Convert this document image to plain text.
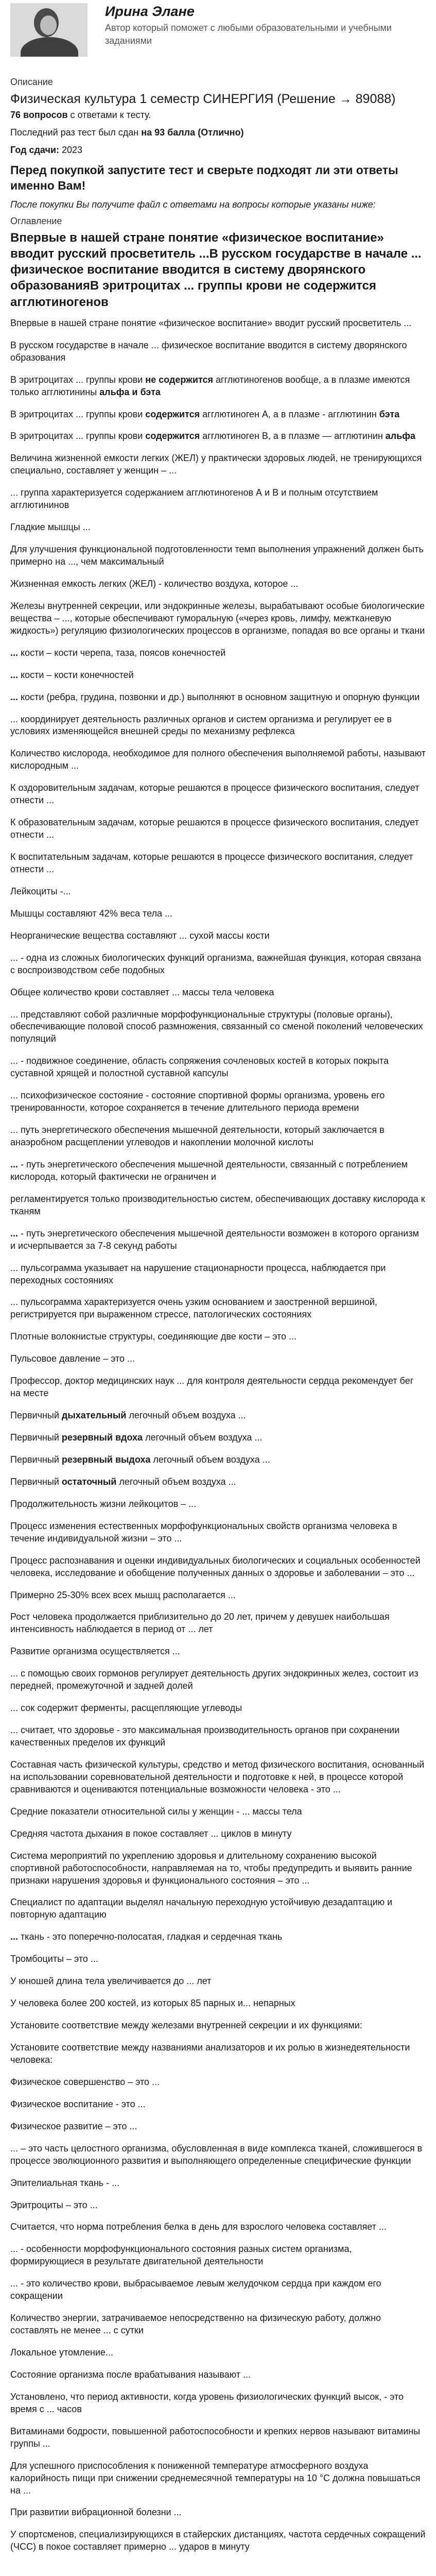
Ирина Элане
Автор который поможет с любыми образовательными и учебными заданиями
Описание
Физическая культура 1 семестр СИНЕРГИЯ (Решение → 89088)
76 вопросов с ответами к тесту.
Последний раз тест был сдан на 93 балла (Отлично)
Год сдачи: 2023
Перед покупкой запустите тест и сверьте подходят ли эти ответы именно Вам!
После покупки Вы получите файл с ответами на вопросы которые указаны ниже:
Оглавление
Впервые в нашей стране понятие «физическое воспитание» вводит русский просветитель ...В русском государстве в начале ... физическое воспитание вводится в систему дворянского образованияВ эритроцитах ... группы крови не содержится агглютиногенов
Впервые в нашей стране понятие «физическое воспитание» вводит русский просветитель ...
В русском государстве в начале ... физическое воспитание вводится в систему дворянского образования
В эритроцитах ... группы крови не содержится агглютиногенов вообще, а в плазме имеются только агглютинины альфа и бэта
В эритроцитах ... группы крови содержится агглютиноген А, а в плазме - агглютинин бэта
В эритроцитах ... группы крови содержится агглютиноген В, а в плазме — агглютинин альфа
Величина жизненной емкости легких (ЖЕЛ) у практически здоровых людей, не тренирующихся специально, составляет у женщин – ...
... группа характеризуется содержанием агглютиногенов А и В и полным отсутствием агглютининов
Гладкие мышцы ...
Для улучшения функциональной подготовленности темп выполнения упражнений должен быть примерно на ..., чем максимальный
Жизненная емкость легких (ЖЕЛ) - количество воздуха, которое ...
Железы внутренней секреции, или эндокринные железы, вырабатывают особые биологические вещества – ..., которые обеспечивают гуморальную («через кровь, лимфу, межтканевую жидкость») регуляцию физиологических процессов в организме, попадая во все органы и ткани
... кости – кости черепа, таза, поясов конечностей
... кости – кости конечностей
... кости (ребра, грудина, позвонки и др.) выполняют в основном защитную и опорную функции
... координирует деятельность различных органов и систем организма и регулирует ее в условиях изменяющейся внешней среды по механизму рефлекса
Количество кислорода, необходимое для полного обеспечения выполняемой работы, называют кислородным ...
К оздоровительным задачам, которые решаются в процессе физического воспитания, следует отнести ...
К образовательным задачам, которые решаются в процессе физического воспитания, следует отнести ...
К воспитательным задачам, которые решаются в процессе физического воспитания, следует отнести ...
Лейкоциты -...
Мышцы составляют 42% веса тела ...
Неорганические вещества составляют ... сухой массы кости
... - одна из сложных биологических функций организма, важнейшая функция, которая связана с воспроизводством себе подобных
Общее количество крови составляет ... массы тела человека
... представляют собой различные морфофункциональные структуры (половые органы), обеспечивающие половой способ размножения, связанный со сменой поколений человеческих популяций
... - подвижное соединение, область сопряжения сочленовых костей в которых покрыта суставной хрящей и полостной суставной капсулы
... психофизическое состояние - состояние спортивной формы организма, уровень его тренированности, которое сохраняется в течение длительного периода времени
... путь энергетического обеспечения мышечной деятельности, который заключается в анаэробном расщеплении углеводов и накоплении молочной кислоты
... - путь энергетического обеспечения мышечной деятельности, связанный с потреблением кислорода, который фактически не ограничен и
регламентируется только производительностью систем, обеспечивающих доставку кислорода к тканям
... - путь энергетического обеспечения мышечной деятельности возможен в которого организм и исчерпывается за 7-8 секунд работы
... пульсограмма указывает на нарушение стационарности процесса, наблюдается при переходных состояниях
... пульсограмма характеризуется очень узким основанием и заостренной вершиной, регистрируется при выраженном стрессе, патологических состояниях
Плотные волокнистые структуры, соединяющие две кости – это ...
Пульсовое давление – это ...
Профессор, доктор медицинских наук ... для контроля деятельности сердца рекомендует бег на месте
Первичный дыхательный легочный объем воздуха ...
Первичный резервный вдоха легочный объем воздуха ...
Первичный резервный выдоха легочный объем воздуха ...
Первичный остаточный легочный объем воздуха ...
Продолжительность жизни лейкоцитов – ...
Процесс изменения естественных морфофункциональных свойств организма человека в течение индивидуальной жизни – это ...
Процесс распознавания и оценки индивидуальных биологических и социальных особенностей человека, исследование и обобщение полученных данных о здоровье и заболевании – это ...
Примерно 25-30% всех всех мышц располагается ...
Рост человека продолжается приблизительно до 20 лет, причем у девушек наибольшая интенсивность наблюдается в период от ... лет
Развитие организма осуществляется ...
... с помощью своих гормонов регулирует деятельность других эндокринных желез, состоит из передней, промежуточной и задней долей
... сок содержит ферменты, расщепляющие углеводы
... считает, что здоровье - это максимальная производительность органов при сохранении качественных пределов их функций
Составная часть физической культуры, средство и метод физического воспитания, основанный на использовании соревновательной деятельности и подготовке к ней, в процессе которой сравниваются и оцениваются потенциальные возможности человека - это ...
Средние показатели относительной силы у женщин - ... массы тела
Средняя частота дыхания в покое составляет ... циклов в минуту
Система мероприятий по укреплению здоровья и длительному сохранению высокой спортивной работоспособности, направляемая на то, чтобы предупредить и выявить ранние признаки нарушения здоровья и функционального состояния – это ...
Специалист по адаптации выделял начальную переходную устойчивую дезадаптацию и повторную адаптацию
... ткань - это поперечно-полосатая, гладкая и сердечная ткань
Тромбоциты – это ...
У юношей длина тела увеличивается до ... лет
У человека более 200 костей, из которых 85 парных и... непарных
Установите соответствие между железами внутренней секреции и их функциями:
Установите соответствие между названиями анализаторов и их ролью в жизнедеятельности человека:
Физическое совершенство – это ...
Физическое воспитание - это ...
Физическое развитие – это ...
... – это часть целостного организма, обусловленная в виде комплекса тканей, сложившегося в процессе эволюционного развития и выполняющего определенные специфические функции
Эпителиальная ткань - ...
Эритроциты – это ...
Считается, что норма потребления белка в день для взрослого человека составляет ...
... - особенности морфофункционального состояния разных систем организма, формирующиеся в результате двигательной деятельности
... - это количество крови, выбрасываемое левым желудочком сердца при каждом его сокращении
Количество энергии, затрачиваемое непосредственно на физическую работу, должно составлять не менее ... с сутки
Локальное утомление...
Состояние организма после врабатывания называют ...
Установлено, что период активности, когда уровень физиологических функций высок, - это время с ... часов
Витаминами бодрости, повышенной работоспособности и крепких нервов называют витамины группы ...
Для успешного приспособления к пониженной температуре атмосферного воздуха калорийность пищи при снижении среднемесячной температуры на 10 °С должна повышаться на ...
При развитии вибрационной болезни ...
У спортсменов, специализирующихся в стайерских дистанциях, частота сердечных сокращений (ЧСС) в покое составляет примерно ... ударов в минуту
